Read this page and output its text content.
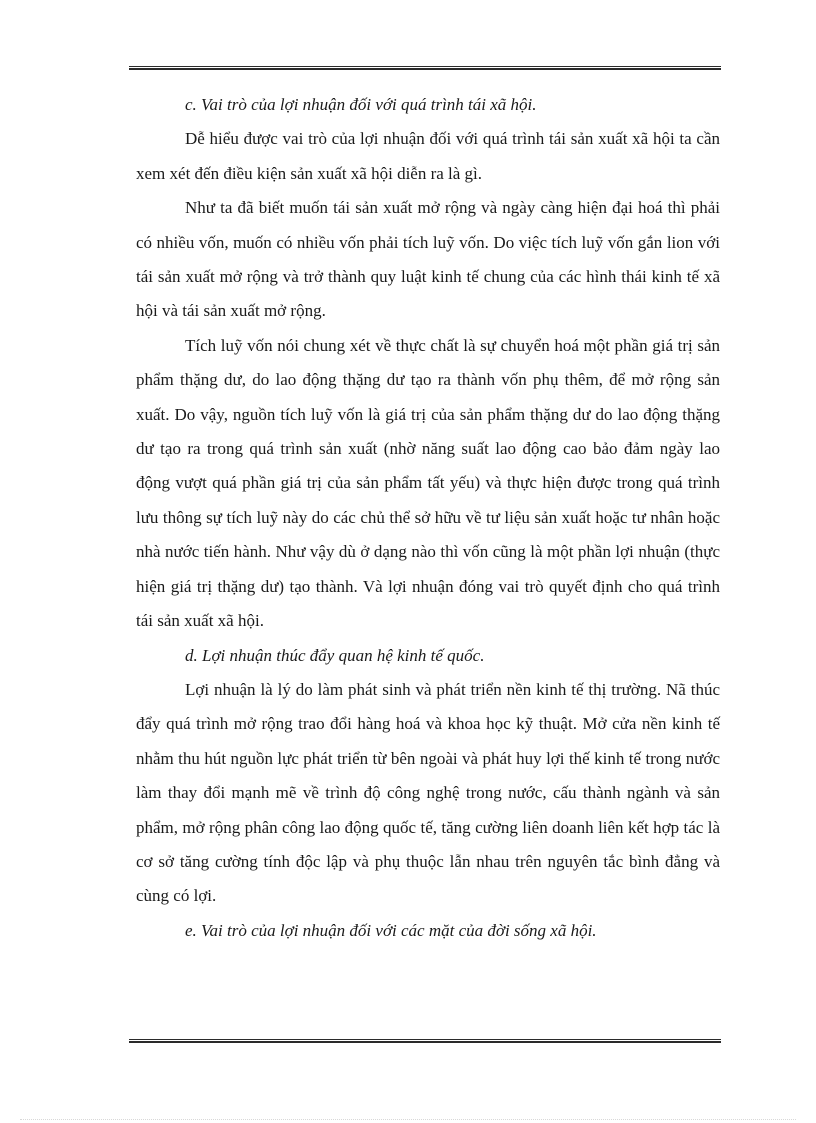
c. Vai trò của lợi nhuận đối với quá trình tái xã hội.

Dễ hiểu được vai trò của lợi nhuận đối với quá trình tái sản xuất xã hội ta cần xem xét đến điều kiện sản xuất xã hội diễn ra là gì.

Như ta đã biết muốn tái sản xuất mở rộng và ngày càng hiện đại hoá thì phải có nhiều vốn, muốn có nhiều vốn phải tích luỹ vốn. Do việc tích luỹ vốn gắn lion với tái sản xuất mở rộng và trở thành quy luật kinh tế chung của các hình thái kinh tế xã hội và tái sản xuất mở rộng.

Tích luỹ vốn nói chung xét về thực chất là sự chuyển hoá một phần giá trị sản phẩm thặng dư, do lao động thặng dư tạo ra thành vốn phụ thêm, để mở rộng sản xuất. Do vậy, nguồn tích luỹ vốn là giá trị của sản phẩm thặng dư do lao động thặng dư tạo ra trong quá trình sản xuất (nhờ năng suất lao động cao bảo đảm ngày lao động vượt quá phần giá trị của sản phẩm tất yếu) và thực hiện được trong quá trình lưu thông sự tích luỹ này do các chủ thể sở hữu về tư liệu sản xuất hoặc tư nhân hoặc nhà nước tiến hành. Như vậy dù ở dạng nào thì vốn cũng là một phần lợi nhuận (thực hiện giá trị thặng dư) tạo thành. Và lợi nhuận đóng vai trò quyết định cho quá trình tái sản xuất xã hội.

d. Lợi nhuận thúc đẩy quan hệ kinh tế quốc.

Lợi nhuận là lý do làm phát sinh và phát triển nền kinh tế thị trường. Nã thúc đẩy quá trình mở rộng trao đổi hàng hoá và khoa học kỹ thuật. Mở cửa nền kinh tế nhằm thu hút nguồn lực phát triển từ bên ngoài và phát huy lợi thế kinh tế trong nước làm thay đổi mạnh mẽ về trình độ công nghệ trong nước, cấu thành ngành và sản phẩm, mở rộng phân công lao động quốc tế, tăng cường liên doanh liên kết hợp tác là cơ sở tăng cường tính độc lập và phụ thuộc lẫn nhau trên nguyên tắc bình đẳng và cùng có lợi.

e. Vai trò của lợi nhuận đối với các mặt của đời sống xã hội.
